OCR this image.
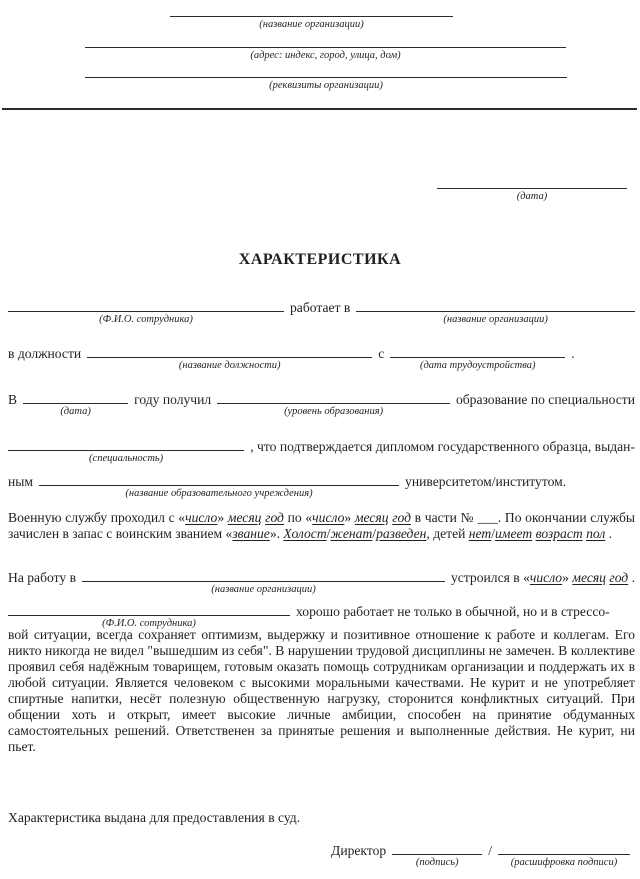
(название организации)
(адрес: индекс, город, улица, дом)
(реквизиты организации)
(дата)
ХАРАКТЕРИСТИКА
(Ф.И.О. сотрудника)
работает в
(название организации)
в должности
(название должности)
с
(дата трудоустройства)
.
В
(дата)
году получил
(уровень образования)
образование по специальности
(специальность)
, что подтверждается дипломом государственного образца, выдан-
ным
(название образовательного учреждения)
университетом/институтом.

Военную службу проходил с «число» месяц год по «число» месяц год в части № ___. По окончании службы зачислен в запас с воинским званием «звание». Холост/женат/разведен, детей нет/имеет возраст пол .

На работу в
(название организации)
устроился в «число» месяц год .
(Ф.И.О. сотрудника)
хорошо работает не только в обычной, но и в стрессо-

вой ситуации, всегда сохраняет оптимизм, выдержку и позитивное отношение к работе и коллегам. Его никто никогда не видел "вышедшим из себя". В нарушении трудовой дисциплины не замечен. В коллективе проявил себя надёжным товарищем, готовым оказать помощь сотрудникам организации и поддержать их в любой ситуации. Является человеком с высокими моральными качествами. Не курит и не употребляет спиртные напитки, несёт полезную общественную нагрузку, сторонится конфликтных ситуаций. При общении хоть и открыт, имеет высокие личные амбиции, способен на принятие обдуманных самостоятельных решений. Ответственен за принятые решения и выполненные действия. Не курит, ни пьет.

Характеристика выдана для предоставления в суд.

Директор
(подпись)
/
(расшифровка подписи)
